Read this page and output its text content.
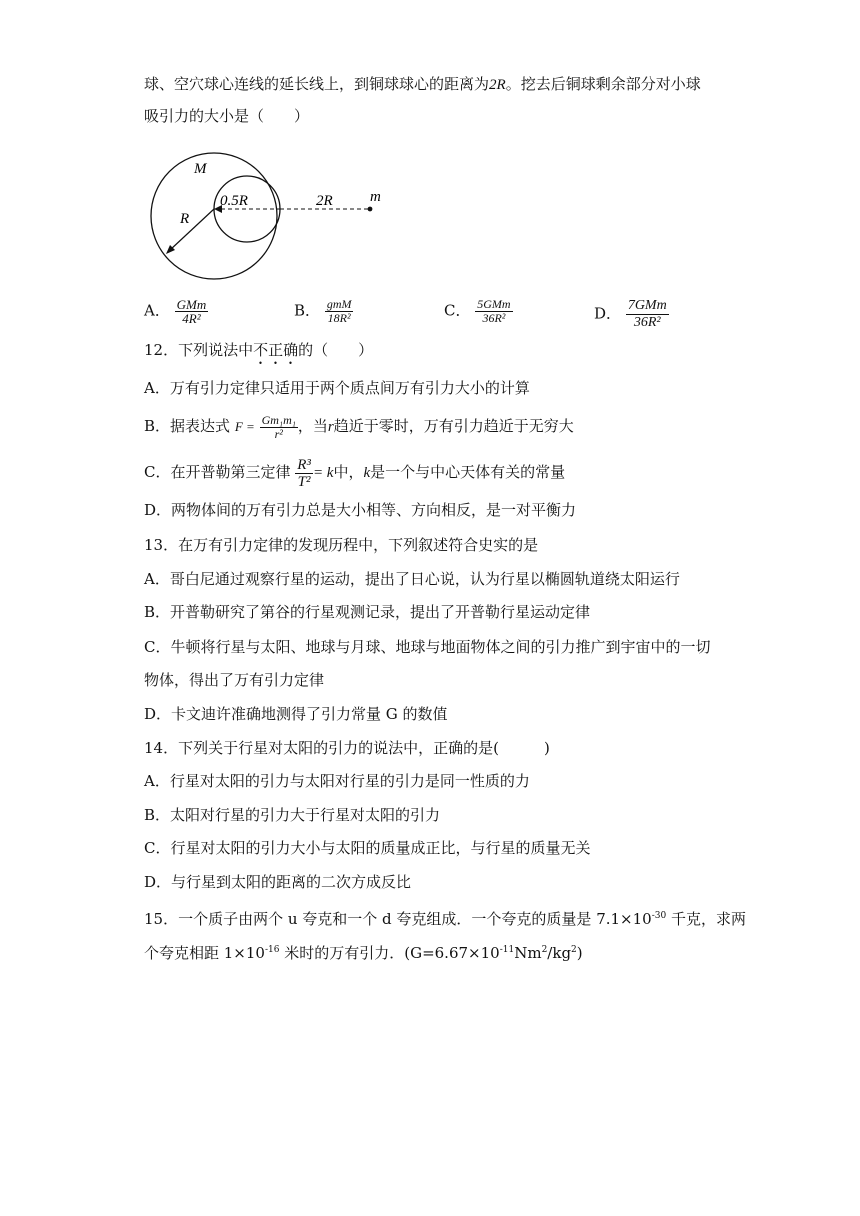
球、空穴球心连线的延长线上，到铜球球心的距离为2R。挖去后铜球剩余部分对小球
吸引力的大小是（　　）
M
R
0.5R	2R m
A． $\frac{\text{GMm}}{\text{4R²}}$	B． $\frac{\text{gmM}}{\text{18R²}}$	C． $\frac{\text{5GMm}}{\text{36R²}}$	D． $\frac{\text{7GMm}}{\text{36R²}}$
12．下列说法中不正确的（　　）
A．万有引力定律只适用于两个质点间万有引力大小的计算
B．据表达式 $F = \frac{\text{Gm₁m₁}}{\text{r²}}$ ，当r趋近于零时，万有引力趋近于无穷大
C．在开普勒第三定律 $\frac{\text{R³}}{\text{T²}} = k$中，k是一个与中心天体有关的常量
D．两物体间的万有引力总是大小相等、方向相反，是一对平衡力
13．在万有引力定律的发现历程中，下列叙述符合史实的是
A．哥白尼通过观察行星的运动，提出了日心说，认为行星以椭圆轨道绕太阳运行
B．开普勒研究了第谷的行星观测记录，提出了开普勒行星运动定律
C．牛顿将行星与太阳、地球与月球、地球与地面物体之间的引力推广到宇宙中的一切
物体，得出了万有引力定律
D．卡文迪许准确地测得了引力常量 G 的数值
14．下列关于行星对太阳的引力的说法中，正确的是(　　　)
A．行星对太阳的引力与太阳对行星的引力是同一性质的力
B．太阳对行星的引力大于行星对太阳的引力
C．行星对太阳的引力大小与太阳的质量成正比，与行星的质量无关
D．与行星到太阳的距离的二次方成反比
15．一个质子由两个 u 夸克和一个 d 夸克组成．一个夸克的质量是 $7.1\times 10^{-30}$ 千克，求两
个夸克相距 $1\times 10^{-16}$ 米时的万有引力．$(G=6.67\times 10^{-11}Nm^2/kg^2)$
